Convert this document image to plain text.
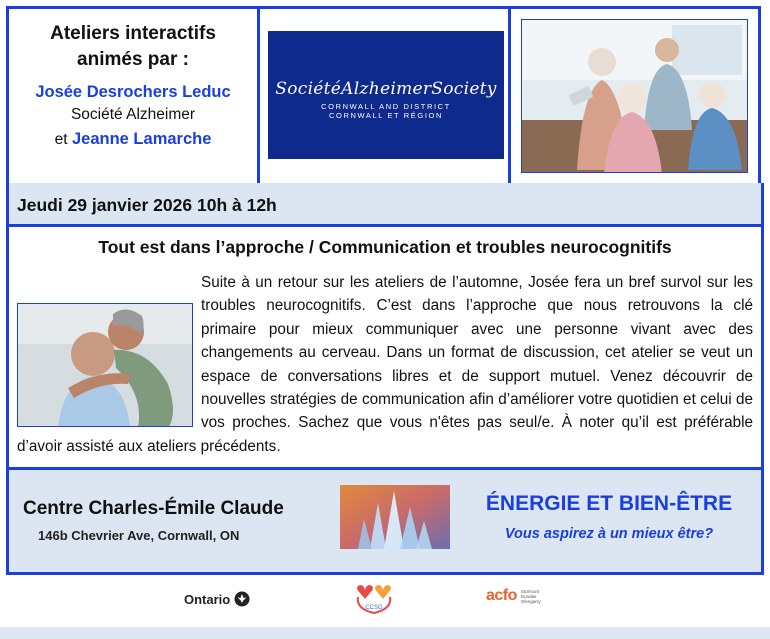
Ateliers interactifs
animés par :
Josée Desrochers Leduc
Société Alzheimer
et Jeanne Lamarche
SociétéAlzheimerSociety
CORNWALL AND DISTRICT
CORNWALL ET RÉGION
Jeudi 29 janvier 2026 10h à 12h
Tout est dans l’approche / Communication et troubles neurocognitifs
Suite à un retour sur les ateliers de l’automne, Josée fera un bref survol sur les troubles neurocognitifs. C’est dans l’approche que nous retrouvons la clé primaire pour mieux communiquer avec une personne vivant avec des changements au cerveau. Dans un format de discussion, cet atelier se veut un espace de conversations libres et de support mutuel. Venez découvrir de nouvelles stratégies de communication afin d’améliorer votre quotidien et celui de vos proches. Sachez que vous n'êtes pas seul/e. À noter qu’il est préférable d’avoir assisté aux ateliers précédents.
Centre Charles-Émile Claude
146b Chevrier Ave, Cornwall, ON
ÉNERGIE ET BIEN-ÊTRE
Vous aspirez à un mieux être?
Ontario
CCSG
acfo Stormont
Dundas
Glengarry
